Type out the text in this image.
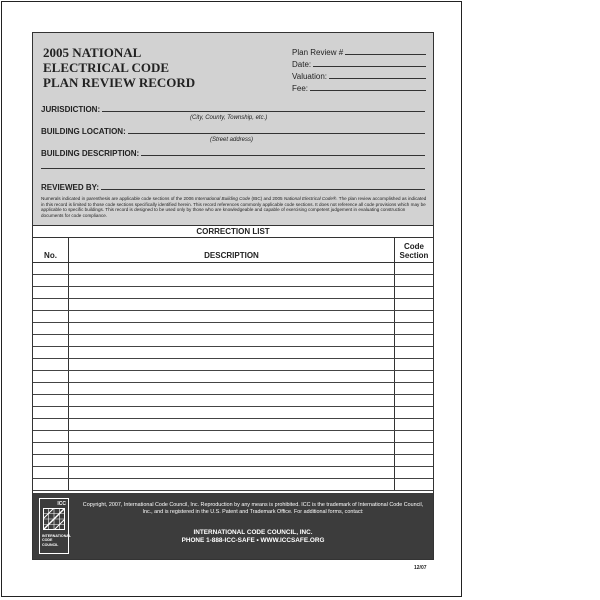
2005 NATIONAL
ELECTRICAL CODE
PLAN REVIEW RECORD
Plan Review #
Date:
Valuation:
Fee:
JURISDICTION:
(City, County, Township, etc.)
BUILDING LOCATION:
(Street address)
BUILDING DESCRIPTION:
REVIEWED BY:
Numerals indicated in parenthesis are applicable code sections of the 2006 International Building Code (IBC) and 2005 National Electrical Code®. The plan review accomplished as indicated in this record is limited to those code sections specifically identified herein. This record references commonly applicable code sections. It does not reference all code provisions which may be applicable to specific buildings. This record is designed to be used only by those who are knowledgeable and capable of exercising competent judgement in evaluating construction documents for code compliance.
CORRECTION LIST
No.	DESCRIPTION
Code
Section
ICC
INTERNATIONAL
CODE COUNCIL
Copyright, 2007, International Code Council, Inc. Reproduction by any means is prohibited. ICC is the trademark of International Code Council, Inc., and is registered in the U.S. Patent and Trademark Office. For additional forms, contact:
INTERNATIONAL CODE COUNCIL, INC.
PHONE 1-888-ICC-SAFE • WWW.ICCSAFE.ORG
12/07
